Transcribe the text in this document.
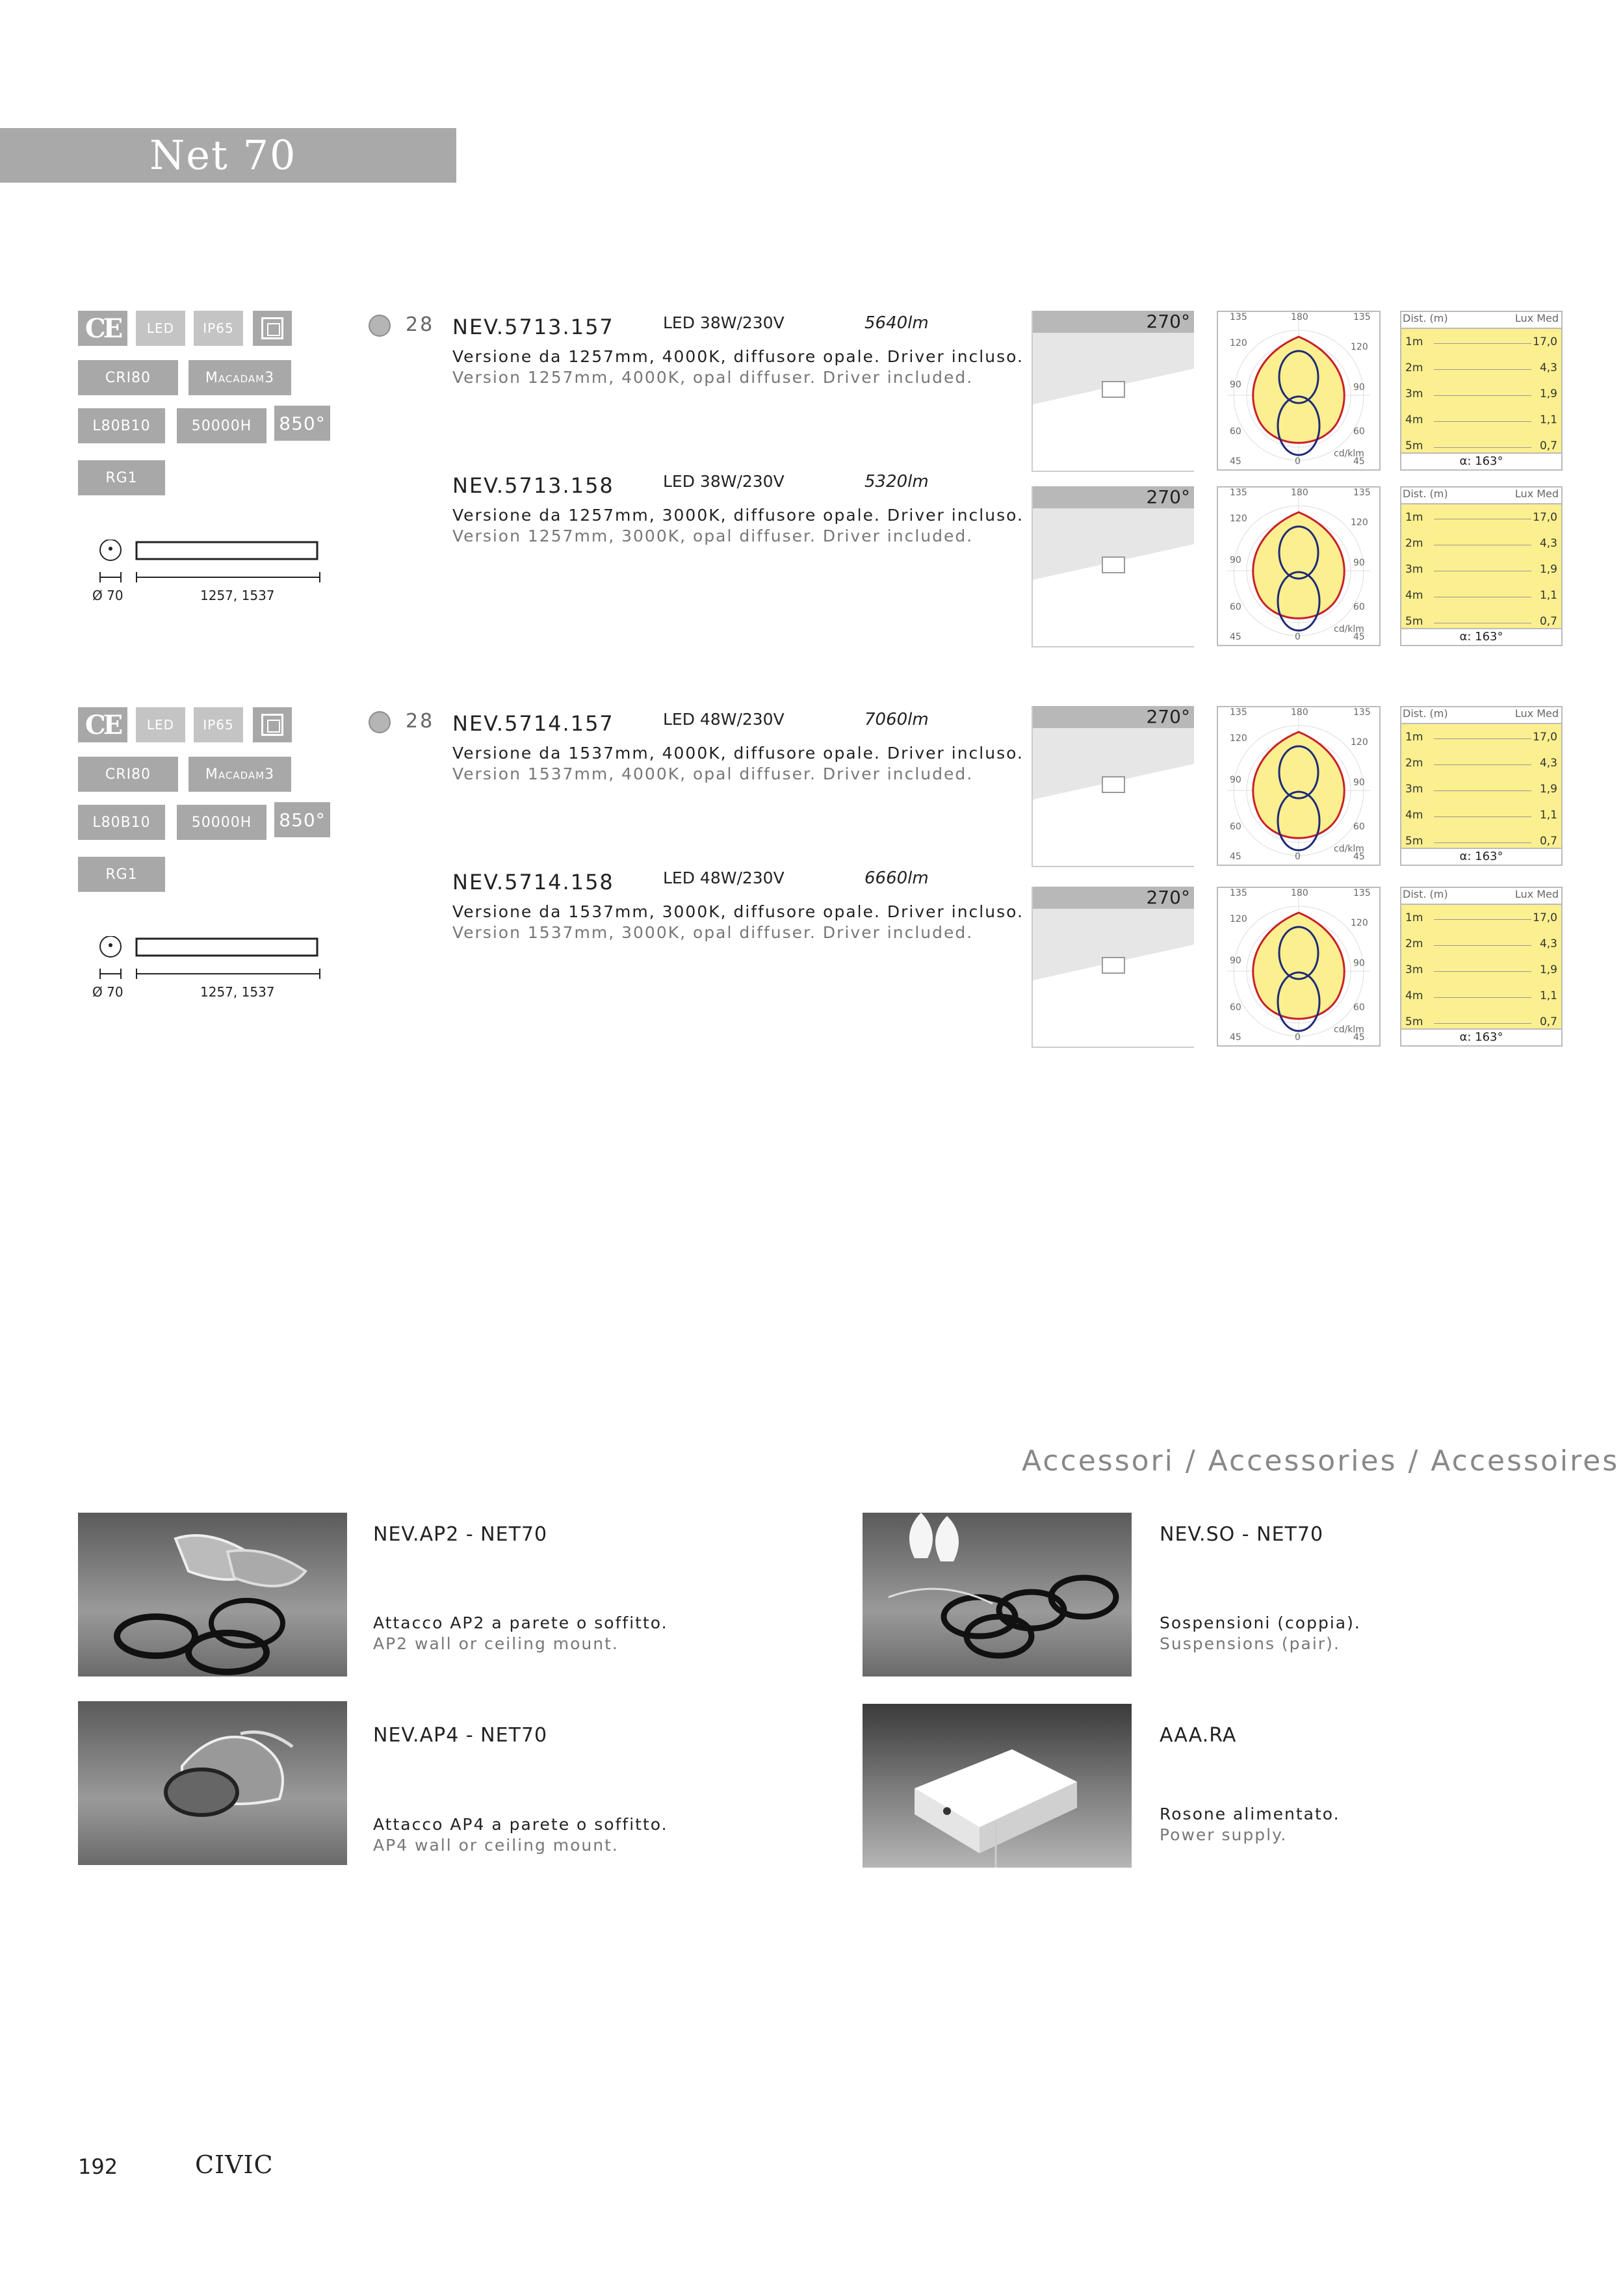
Net 70
CE	LED	IP65
CRI80	Macadam3
L80B10	50000H	850°
RG1
Ø 70	1257, 1537
28 NEV.5713.157	LED 38W/230V	5640lm
Versione da 1257mm, 4000K, diffusore opale. Driver incluso.
Version 1257mm, 4000K, opal diffuser. Driver included.
270°	135	180	135
120	120
90	90
60	60
cd/klm
45	0	45
Dist. (m)	Lux Med
1m	17,0
2m	4,3
3m	1,9
4m	1,1
5m	0,7
α: 163°
NEV.5713.158	LED 38W/230V	5320lm
Versione da 1257mm, 3000K, diffusore opale. Driver incluso.
Version 1257mm, 3000K, opal diffuser. Driver included.
270°	135	180	135
120	120
90	90
60	60
cd/klm
45	0	45
Dist. (m)	Lux Med
1m	17,0
2m	4,3
3m	1,9
4m	1,1
5m	0,7
α: 163°
CE	LED	IP65
CRI80	Macadam3
L80B10	50000H	850°
RG1
Ø 70	1257, 1537
28 NEV.5714.157	LED 48W/230V	7060lm
Versione da 1537mm, 4000K, diffusore opale. Driver incluso.
Version 1537mm, 4000K, opal diffuser. Driver included.
270°	135	180	135
120	120
90	90
60	60
cd/klm
45	0	45
Dist. (m)	Lux Med
1m	17,0
2m	4,3
3m	1,9
4m	1,1
5m	0,7
α: 163°
NEV.5714.158	LED 48W/230V	6660lm
Versione da 1537mm, 3000K, diffusore opale. Driver incluso.
Version 1537mm, 3000K, opal diffuser. Driver included.
270°	135	180	135
120	120
90	90
60	60
cd/klm
45	0	45
Dist. (m)	Lux Med
1m	17,0
2m	4,3
3m	1,9
4m	1,1
5m	0,7
α: 163°
Accessori / Accessories / Accessoires
NEV.AP2 - NET70
Attacco AP2 a parete o soffitto.
AP2 wall or ceiling mount.
NEV.SO - NET70
Sospensioni (coppia).
Suspensions (pair).
NEV.AP4 - NET70
Attacco AP4 a parete o soffitto.
AP4 wall or ceiling mount.
AAA.RA
Rosone alimentato.
Power supply.
192	CIVIC
